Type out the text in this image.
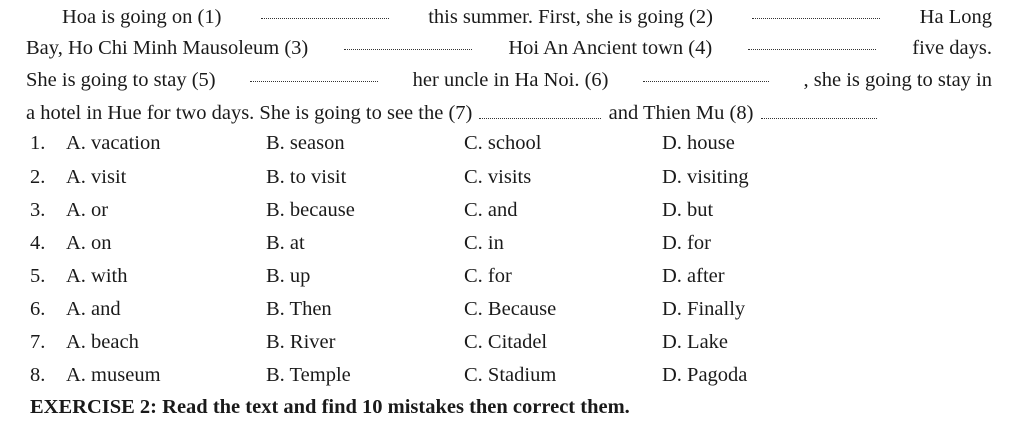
Hoa is going on (1)	this summer. First, she is going (2)	Ha Long
Bay, Ho Chi Minh Mausoleum (3)	Hoi An Ancient town (4)	five days.
She is going to stay (5)	her uncle in Ha Noi. (6)	, she is going to stay in
a hotel in Hue for two days. She is going to see the (7)	and Thien Mu (8)
1. A. vacation	B. season	C. school	D. house
2. A. visit	B. to visit	C. visits	D. visiting
3. A. or	B. because	C. and	D. but
4. A. on	B. at	C. in	D. for
5. A. with	B. up	C. for	D. after
6. A. and	B. Then	C. Because	D. Finally
7. A. beach	B. River	C. Citadel	D. Lake
8. A. museum	B. Temple	C. Stadium	D. Pagoda
EXERCISE 2: Read the text and find 10 mistakes then correct them.
